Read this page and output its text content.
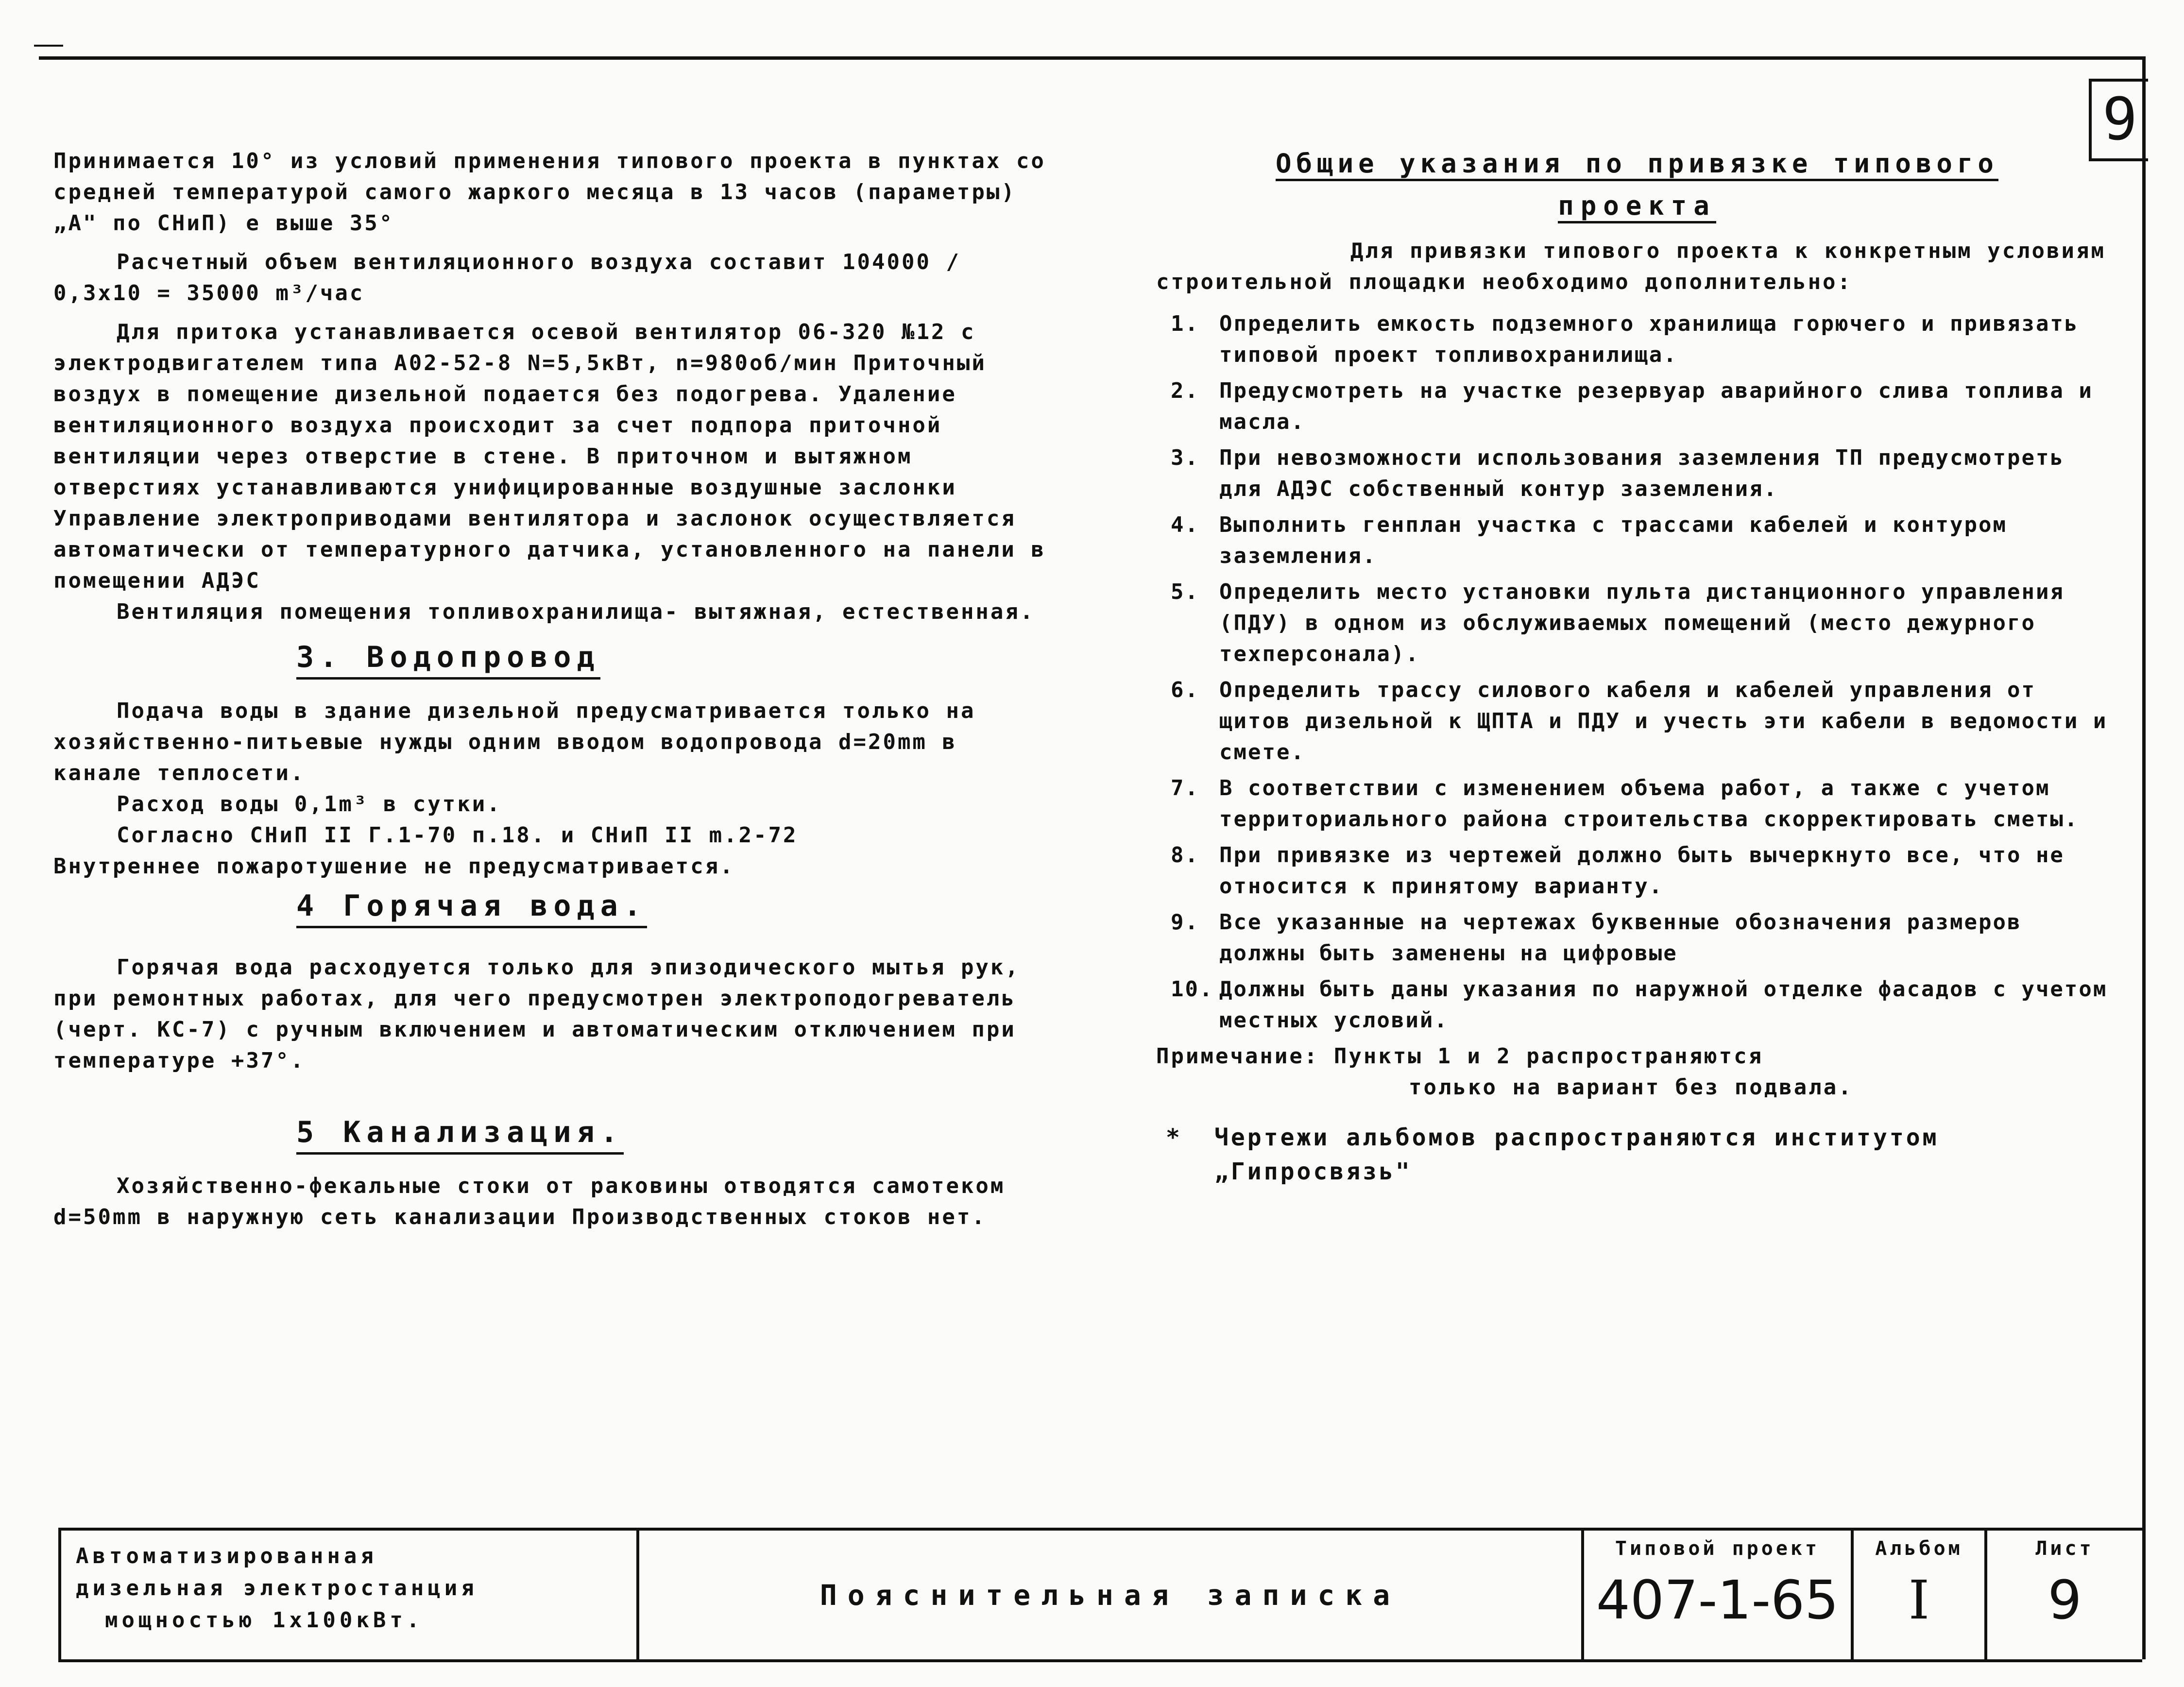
9

Принимается 10° из условий применения типового проекта в пунктах со средней температурой самого жаркого месяца в 13 часов (параметры) „А" по СНиП) е выше 35°

Расчетный объем вентиляционного воздуха составит 104000 / 0,3х10 = 35000 m³/час

Для притока устанавливается осевой вентилятор 06-320 №12 с электродвигателем типа А02-52-8 N=5,5кВт, n=980об/мин Приточный воздух в помещение дизельной подается без подогрева. Удаление вентиляционного воздуха происходит за счет подпора приточной вентиляции через отверстие в стене. В приточном и вытяжном отверстиях устанавливаются унифицированные воздушные заслонки Управление электроприводами вентилятора и заслонок осуществляется автоматически от температурного датчика, установленного на панели в помещении АДЭС

Вентиляция помещения топливохранилища- вытяжная, естественная.

3. Водопровод

Подача воды в здание дизельной предусматривается только на хозяйственно-питьевые нужды одним вводом водопровода d=20mm в канале теплосети.

Расход воды 0,1m³ в сутки.

Согласно СНиП II Г.1-70 п.18. и СНиП II m.2-72

Внутреннее пожаротушение не предусматривается.

4 Горячая вода.

Горячая вода расходуется только для эпизодического мытья рук, при ремонтных работах, для чего предусмотрен электроподогреватель (черт. КС-7) с ручным включением и автоматическим отключением при температуре +37°.

5 Канализация.

Хозяйственно-фекальные стоки от раковины отводятся самотеком d=50mm в наружную сеть канализации Производственных стоков нет.

Общие указания по привязке типового

проекта

Для привязки типового проекта к конкретным условиям строительной площадки необходимо дополнительно:

1. Определить емкость подземного хранилища горючего и привязать типовой проект топливохранилища.
2. Предусмотреть на участке резервуар аварийного слива топлива и масла.
3. При невозможности использования заземления ТП предусмотреть для АДЭС собственный контур заземления.
4. Выполнить генплан участка с трассами кабелей и контуром заземления.
5. Определить место установки пульта дистанционного управления (ПДУ) в одном из обслуживаемых помещений (место дежурного техперсонала).
6. Определить трассу силового кабеля и кабелей управления от щитов дизельной к ЩПТА и ПДУ и учесть эти кабели в ведомости и смете.
7. В соответствии с изменением объема работ, а также с учетом территориального района строительства скорректировать сметы.
8. При привязке из чертежей должно быть вычеркнуто все, что не относится к принятому варианту.
9. Все указанные на чертежах буквенные обозначения размеров должны быть заменены на цифровые
10. Должны быть даны указания по наружной отделке фасадов с учетом местных условий.
Примечание: Пункты 1 и 2 распространяются
только на вариант без подвала.
*	Чертежи альбомов распространяются институтом „Гипросвязь"
Автоматизированная
дизельная электростанция
мощностью 1х100кВт.
Пояснительная записка
Типовой проект
407-1-65
Альбом
I
Лист
9
